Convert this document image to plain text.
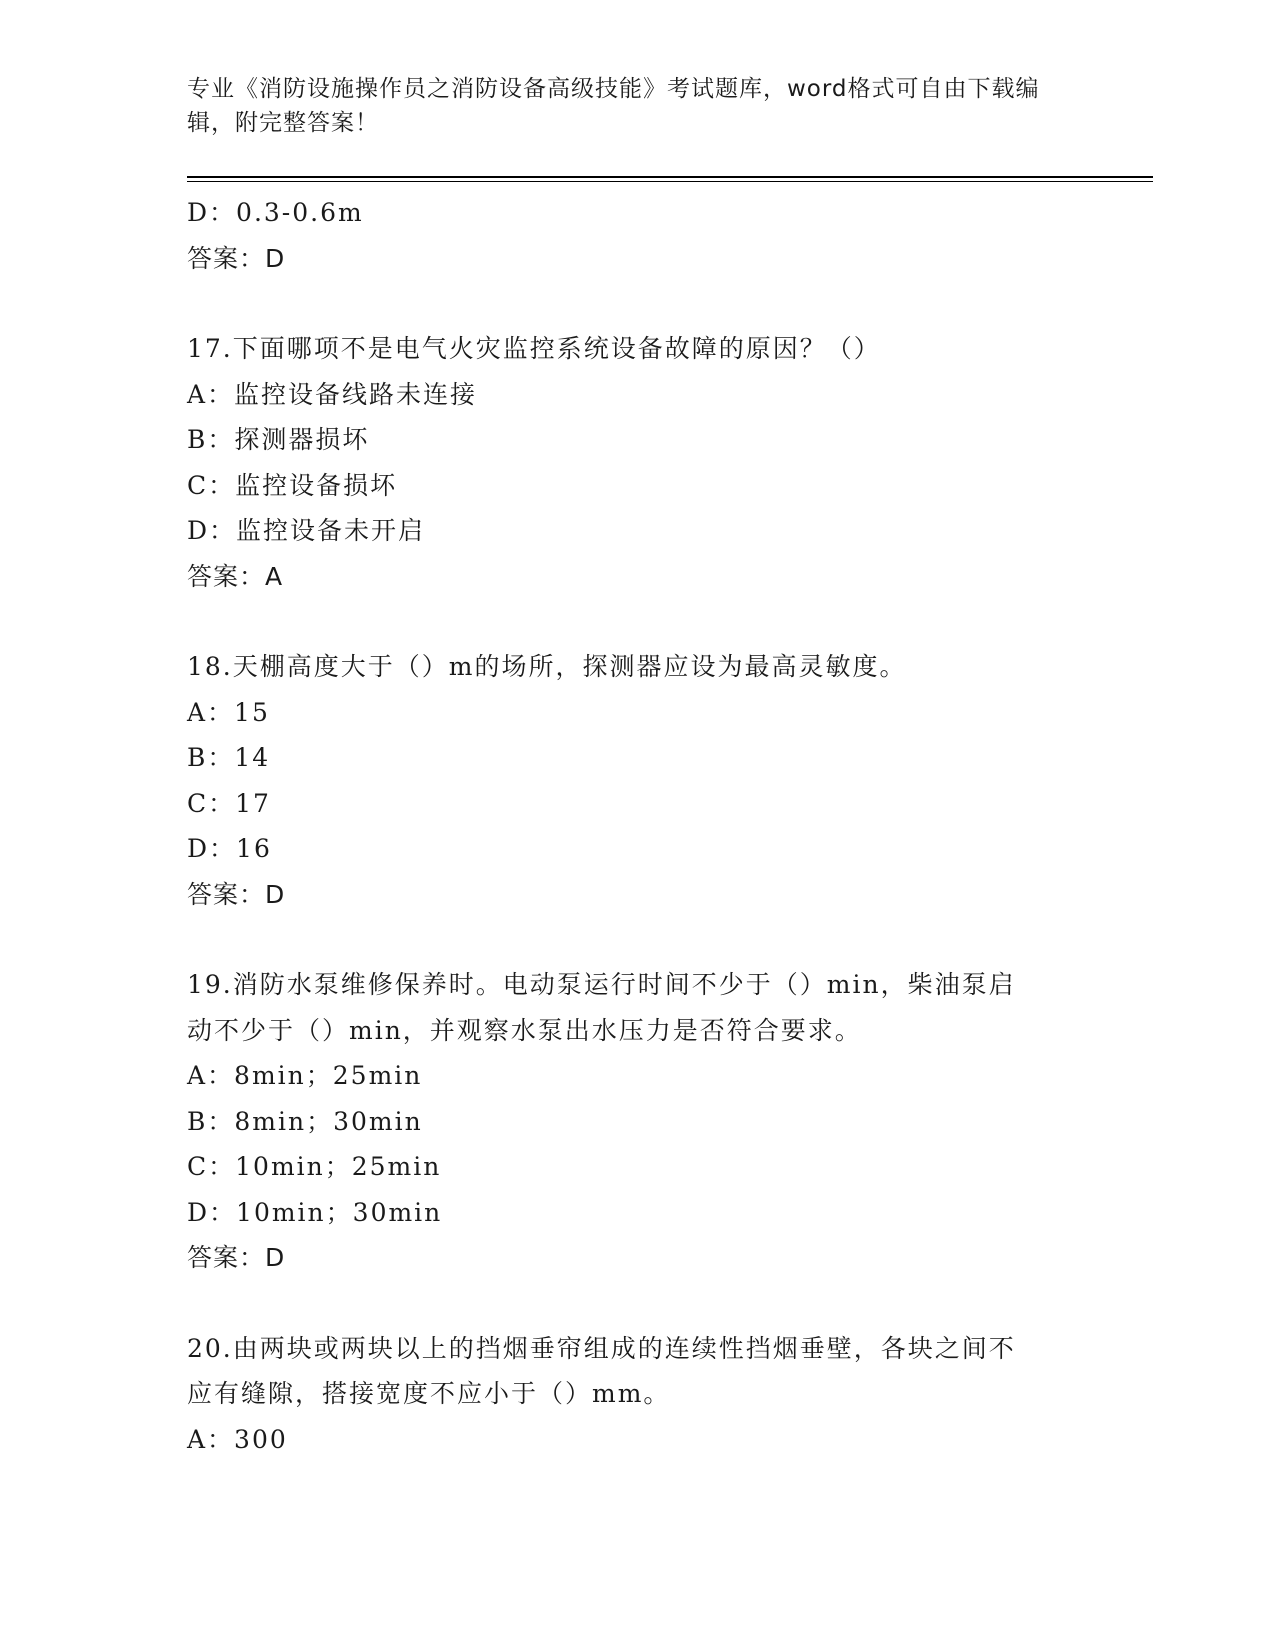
专业《消防设施操作员之消防设备高级技能》考试题库，word格式可自由下载编
辑，附完整答案！
D：0.3-0.6m
答案：D
17.下面哪项不是电气火灾监控系统设备故障的原因？（）
A：监控设备线路未连接
B：探测器损坏
C：监控设备损坏
D：监控设备未开启
答案：A
18.天棚高度大于（）m的场所，探测器应设为最高灵敏度。
A：15
B：14
C：17
D：16
答案：D
19.消防水泵维修保养时。电动泵运行时间不少于（）min，柴油泵启
动不少于（）min，并观察水泵出水压力是否符合要求。
A：8min；25min
B：8min；30min
C：10min；25min
D：10min；30min
答案：D
20.由两块或两块以上的挡烟垂帘组成的连续性挡烟垂壁，各块之间不
应有缝隙，搭接宽度不应小于（）mm。
A：300
